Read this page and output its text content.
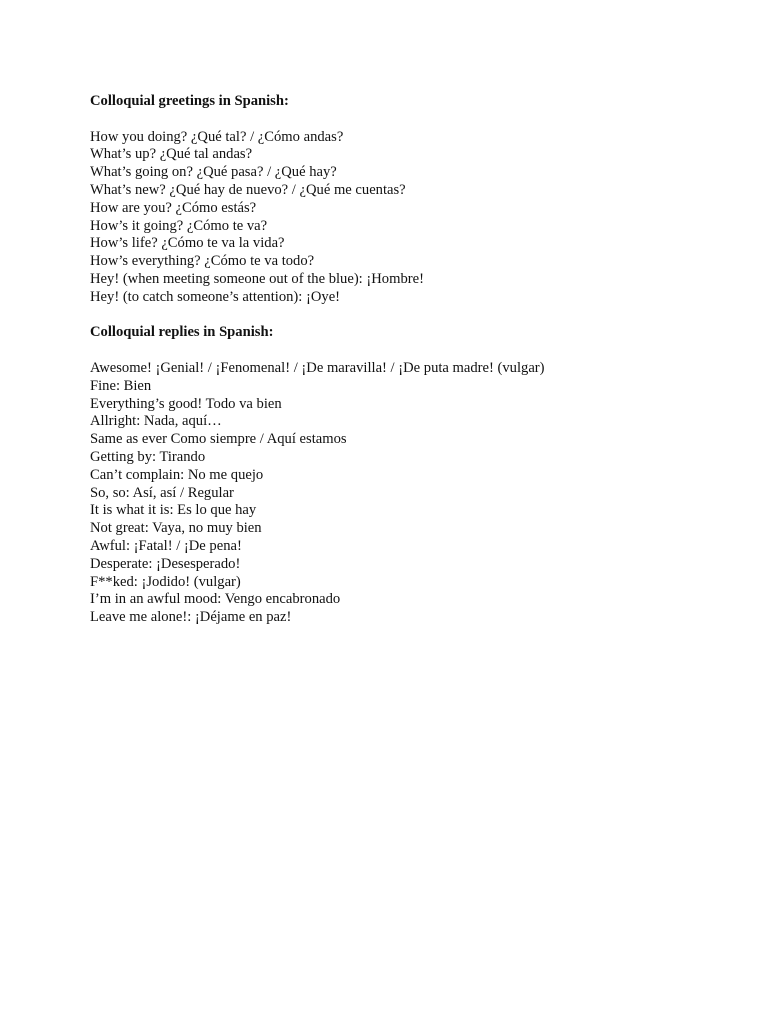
Colloquial greetings in Spanish:

How you doing? ¿Qué tal? / ¿Cómo andas?

What’s up? ¿Qué tal andas?

What’s going on? ¿Qué pasa? / ¿Qué hay?

What’s new? ¿Qué hay de nuevo? / ¿Qué me cuentas?

How are you? ¿Cómo estás?

How’s it going? ¿Cómo te va?

How’s life? ¿Cómo te va la vida?

How’s everything? ¿Cómo te va todo?

Hey! (when meeting someone out of the blue): ¡Hombre!

Hey! (to catch someone’s attention): ¡Oye!

Colloquial replies in Spanish:

Awesome! ¡Genial! / ¡Fenomenal! / ¡De maravilla! / ¡De puta madre! (vulgar)

Fine: Bien

Everything’s good! Todo va bien

Allright: Nada, aquí…

Same as ever Como siempre / Aquí estamos

Getting by: Tirando

Can’t complain: No me quejo

So, so: Así, así / Regular

It is what it is: Es lo que hay

Not great: Vaya, no muy bien

Awful: ¡Fatal! / ¡De pena!

Desperate: ¡Desesperado!

F**ked: ¡Jodido! (vulgar)

I’m in an awful mood: Vengo encabronado

Leave me alone!: ¡Déjame en paz!
